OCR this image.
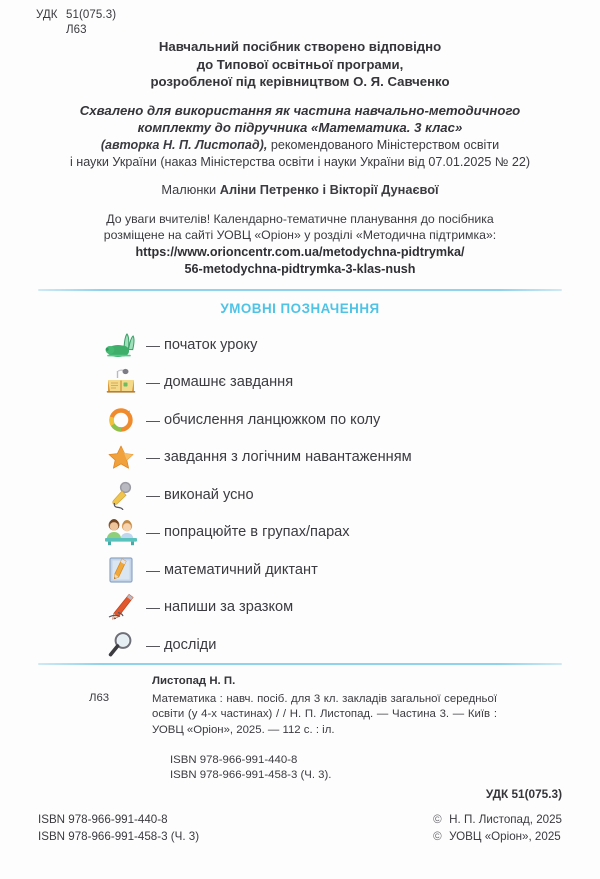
УДК 51(075.3)
Л63
Навчальний посібник створено відповідно
до Типової освітньої програми,
розробленої під керівництвом О. Я. Савченко
Схвалено для використання як частина навчально-методичного
комплекту до підручника «Математика. 3 клас»
(авторка Н. П. Листопад), рекомендованого Міністерством освіти
і науки України (наказ Міністерства освіти і науки України від 07.01.2025 № 22)
Малюнки Аліни Петренко і Вікторії Дунаєвої
До уваги вчителів! Календарно-тематичне планування до посібника
розміщене на сайті УОВЦ «Оріон» у розділі «Методична підтримка»:
https://www.orioncentr.com.ua/metodychna-pidtrymka/
56-metodychna-pidtrymka-3-klas-nush
УМОВНІ ПОЗНАЧЕННЯ
— початок уроку
— домашнє завдання
— обчислення ланцюжком по колу
— завдання з логічним навантаженням
— виконай усно
— попрацюйте в групах/парах
— математичний диктант
— напиши за зразком
— досліди
Листопад Н. П.
Л63	Математика : навч. посіб. для 3 кл. закладів загальної середньої освіти (у 4-х частинах) / / Н. П. Листопад. — Частина 3. — Київ : УОВЦ «Оріон», 2025. — 112 с. : іл.
ISBN 978-966-991-440-8
ISBN 978-966-991-458-3 (Ч. 3).
УДК 51(075.3)
ISBN 978-966-991-440-8
ISBN 978-966-991-458-3 (Ч. 3)
© Н. П. Листопад, 2025
© УОВЦ «Оріон», 2025
